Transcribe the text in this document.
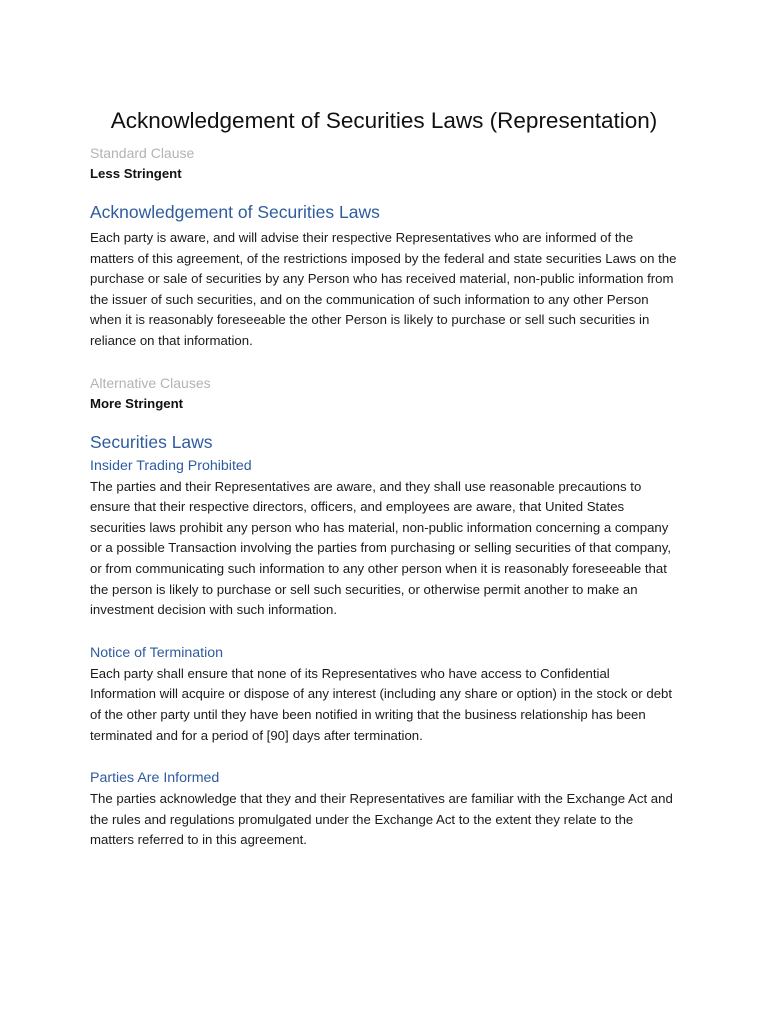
Acknowledgement of Securities Laws (Representation)

Standard Clause

Less Stringent

Acknowledgement of Securities Laws

Each party is aware, and will advise their respective Representatives who are informed of the matters of this agreement, of the restrictions imposed by the federal and state securities Laws on the purchase or sale of securities by any Person who has received material, non-public information from the issuer of such securities, and on the communication of such information to any other Person when it is reasonably foreseeable the other Person is likely to purchase or sell such securities in reliance on that information.

Alternative Clauses

More Stringent

Securities Laws
Insider Trading Prohibited

The parties and their Representatives are aware, and they shall use reasonable precautions to ensure that their respective directors, officers, and employees are aware, that United States securities laws prohibit any person who has material, non-public information concerning a company or a possible Transaction involving the parties from purchasing or selling securities of that company, or from communicating such information to any other person when it is reasonably foreseeable that the person is likely to purchase or sell such securities, or otherwise permit another to make an investment decision with such information.

Notice of Termination

Each party shall ensure that none of its Representatives who have access to Confidential Information will acquire or dispose of any interest (including any share or option) in the stock or debt of the other party until they have been notified in writing that the business relationship has been terminated and for a period of [90] days after termination.

Parties Are Informed

The parties acknowledge that they and their Representatives are familiar with the Exchange Act and the rules and regulations promulgated under the Exchange Act to the extent they relate to the matters referred to in this agreement.
